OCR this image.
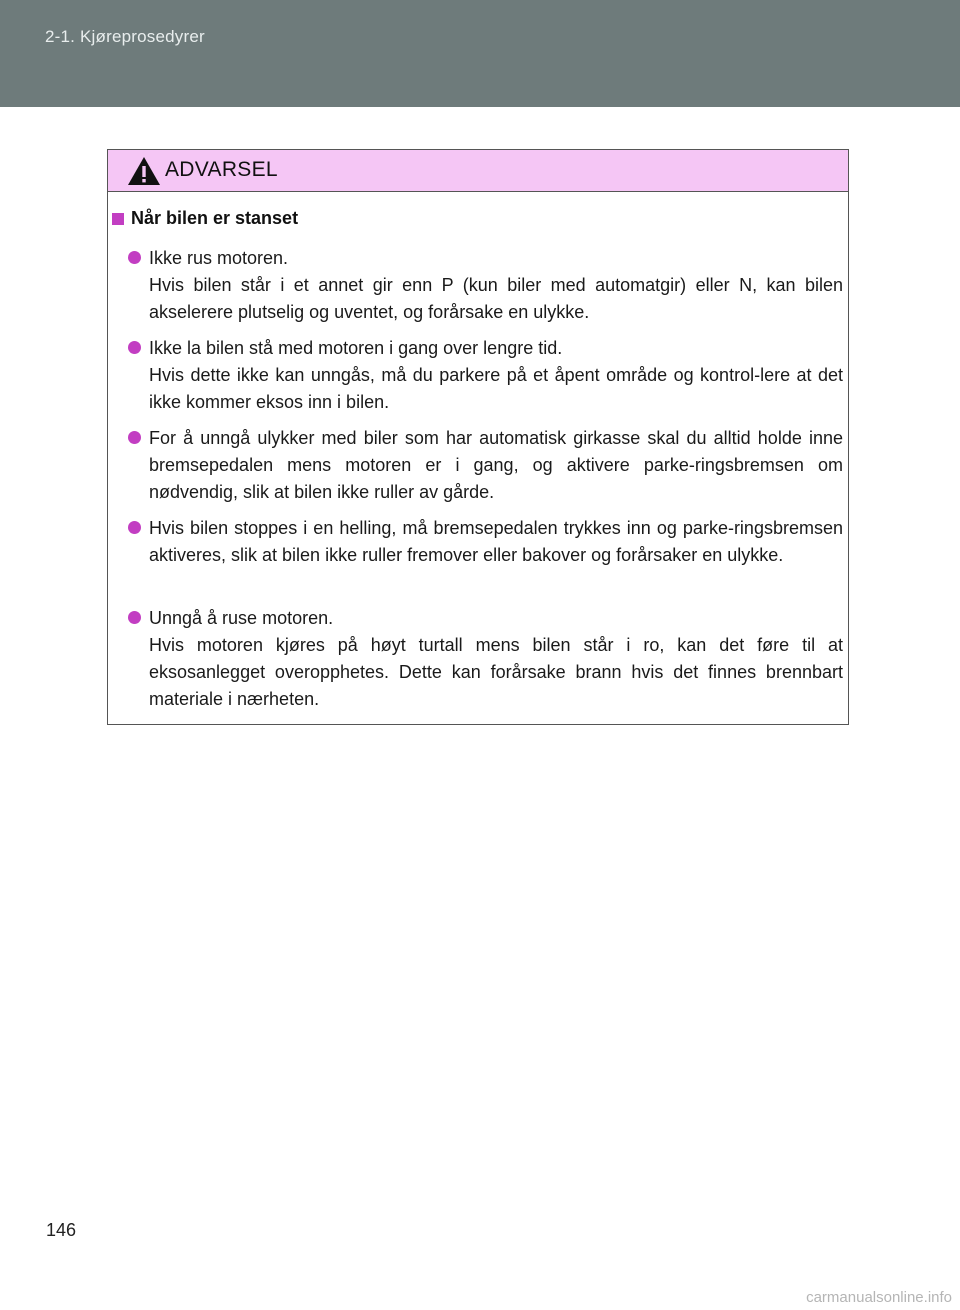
2-1. Kjøreprosedyrer
ADVARSEL
Når bilen er stanset
Ikke rus motoren.
Hvis bilen står i et annet gir enn P (kun biler med automatgir) eller N, kan bilen akselerere plutselig og uventet, og forårsake en ulykke.
Ikke la bilen stå med motoren i gang over lengre tid.
Hvis dette ikke kan unngås, må du parkere på et åpent område og kontrol-lere at det ikke kommer eksos inn i bilen.
For å unngå ulykker med biler som har automatisk girkasse skal du alltid holde inne bremsepedalen mens motoren er i gang, og aktivere parke-ringsbremsen om nødvendig, slik at bilen ikke ruller av gårde.
Hvis bilen stoppes i en helling, må bremsepedalen trykkes inn og parke-ringsbremsen aktiveres, slik at bilen ikke ruller fremover eller bakover og forårsaker en ulykke.
Unngå å ruse motoren.
Hvis motoren kjøres på høyt turtall mens bilen står i ro, kan det føre til at eksosanlegget overopphetes. Dette kan forårsake brann hvis det finnes brennbart materiale i nærheten.
146
carmanualsonline.info
